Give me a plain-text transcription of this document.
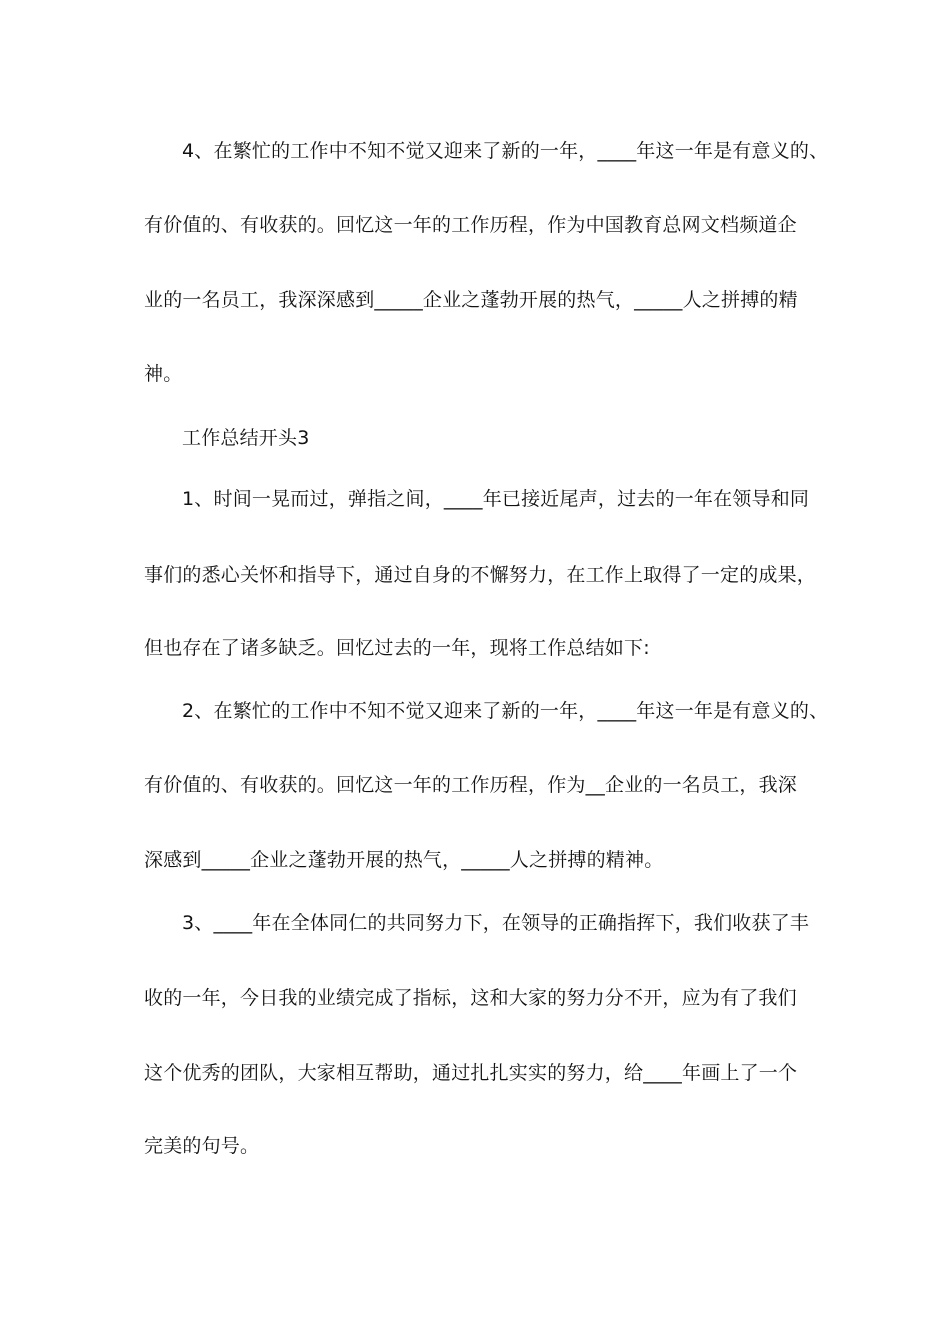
4、在繁忙的工作中不知不觉又迎来了新的一年，____年这一年是有意义的、
有价值的、有收获的。回忆这一年的工作历程，作为中国教育总网文档频道企
业的一名员工，我深深感到_____企业之蓬勃开展的热气，_____人之拼搏的精
神。
工作总结开头3
1、时间一晃而过，弹指之间，____年已接近尾声，过去的一年在领导和同
事们的悉心关怀和指导下，通过自身的不懈努力，在工作上取得了一定的成果，
但也存在了诸多缺乏。回忆过去的一年，现将工作总结如下:
2、在繁忙的工作中不知不觉又迎来了新的一年，____年这一年是有意义的、
有价值的、有收获的。回忆这一年的工作历程，作为__企业的一名员工，我深
深感到_____企业之蓬勃开展的热气，_____人之拼搏的精神。
3、____年在全体同仁的共同努力下，在领导的正确指挥下，我们收获了丰
收的一年，今日我的业绩完成了指标，这和大家的努力分不开，应为有了我们
这个优秀的团队，大家相互帮助，通过扎扎实实的努力，给____年画上了一个
完美的句号。
